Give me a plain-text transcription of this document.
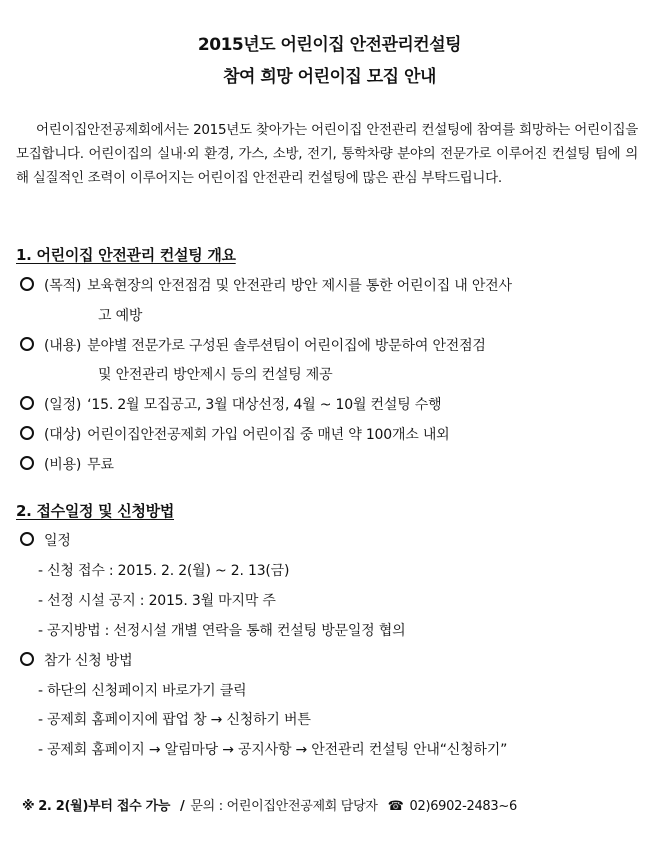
2015년도 어린이집 안전관리컨설팅
참여 희망 어린이집 모집 안내

어린이집안전공제회에서는 2015년도 찾아가는 어린이집 안전관리 컨설팅에 참여를 희망하는 어린이집을 모집합니다. 어린이집의 실내·외 환경, 가스, 소방, 전기, 통학차량 분야의 전문가로 이루어진 컨설팅 팀에 의해 실질적인 조력이 이루어지는 어린이집 안전관리 컨설팅에 많은 관심 부탁드립니다.

1. 어린이집 안전관리 컨설팅 개요
(목적) 보육현장의 안전점검 및 안전관리 방안 제시를 통한 어린이집 내 안전사
고 예방
(내용) 분야별 전문가로 구성된 솔루션팀이 어린이집에 방문하여 안전점검
및 안전관리 방안제시 등의 컨설팅 제공
(일정) ‘15. 2월 모집공고, 3월 대상선정, 4월 ~ 10월 컨설팅 수행
(대상) 어린이집안전공제회 가입 어린이집 중 매년 약 100개소 내외
(비용) 무료
2. 접수일정 및 신청방법
일정
- 신청 접수 : 2015. 2. 2(월) ~ 2. 13(금)
- 선정 시설 공지 : 2015. 3월 마지막 주
- 공지방법 : 선정시설 개별 연락을 통해 컨설팅 방문일정 협의
참가 신청 방법
- 하단의 신청페이지 바로가기 클릭
- 공제회 홈페이지에 팝업 창 → 신청하기 버튼
- 공제회 홈페이지 → 알림마당 → 공지사항 → 안전관리 컨설팅 안내“신청하기”
※ 2. 2(월)부터 접수 가능 / 문의 : 어린이집안전공제회 담당자 ☎ 02)6902-2483~6
